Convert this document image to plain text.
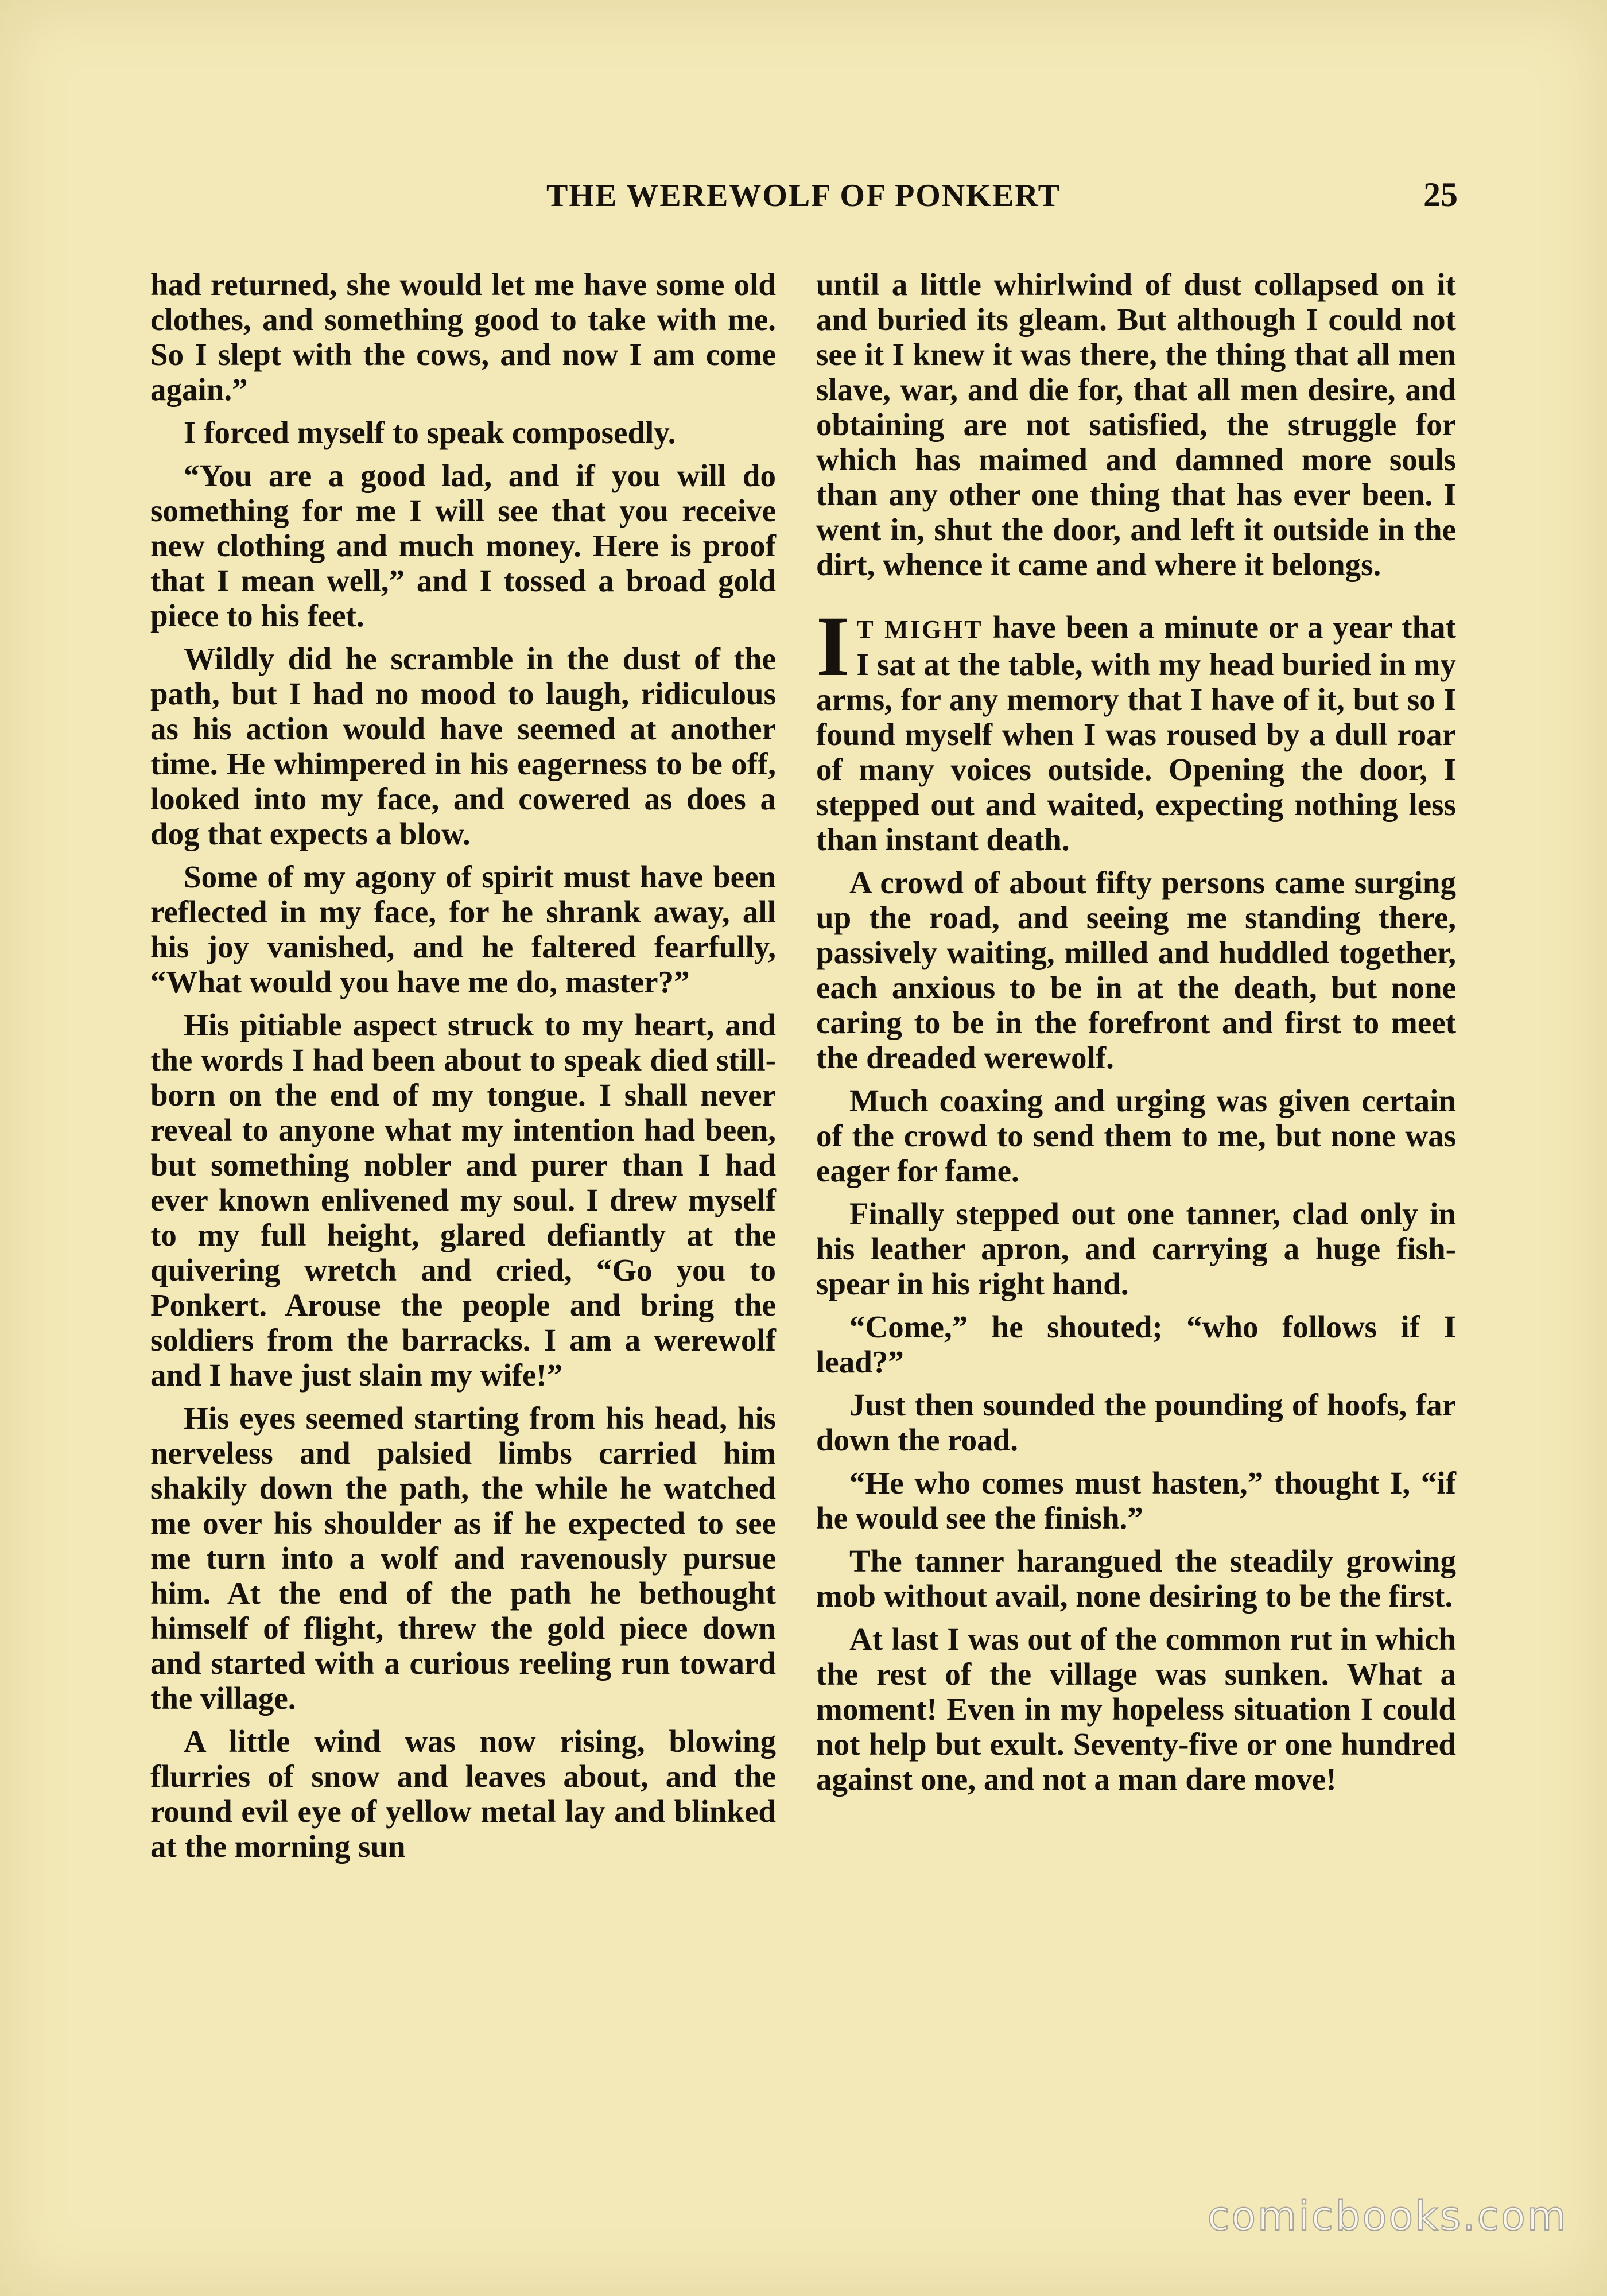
THE WEREWOLF OF PONKERT	25

had returned, she would let me have some old clothes, and something good to take with me. So I slept with the cows, and now I am come again.”

I forced myself to speak composedly.

“You are a good lad, and if you will do something for me I will see that you receive new clothing and much money. Here is proof that I mean well,” and I tossed a broad gold piece to his feet.

Wildly did he scramble in the dust of the path, but I had no mood to laugh, ridiculous as his action would have seemed at another time. He whimpered in his eagerness to be off, looked into my face, and cowered as does a dog that expects a blow.

Some of my agony of spirit must have been reflected in my face, for he shrank away, all his joy vanished, and he faltered fearfully, “What would you have me do, master?”

His pitiable aspect struck to my heart, and the words I had been about to speak died still-born on the end of my tongue. I shall never reveal to anyone what my intention had been, but something nobler and purer than I had ever known enlivened my soul. I drew myself to my full height, glared defiantly at the quivering wretch and cried, “Go you to Ponkert. Arouse the people and bring the soldiers from the barracks. I am a werewolf and I have just slain my wife!”

His eyes seemed starting from his head, his nerveless and palsied limbs carried him shakily down the path, the while he watched me over his shoulder as if he expected to see me turn into a wolf and ravenously pursue him. At the end of the path he bethought himself of flight, threw the gold piece down and started with a curious reeling run toward the village.

A little wind was now rising, blowing flurries of snow and leaves about, and the round evil eye of yellow metal lay and blinked at the morning sun

until a little whirlwind of dust collapsed on it and buried its gleam. But although I could not see it I knew it was there, the thing that all men slave, war, and die for, that all men desire, and obtaining are not satisfied, the struggle for which has maimed and damned more souls than any other one thing that has ever been. I went in, shut the door, and left it outside in the dirt, whence it came and where it belongs.

I T MIGHT have been a minute or a year that I sat at the table, with my head buried in my arms, for any memory that I have of it, but so I found myself when I was roused by a dull roar of many voices outside. Opening the door, I stepped out and waited, expecting nothing less than instant death.

A crowd of about fifty persons came surging up the road, and seeing me standing there, passively waiting, milled and huddled together, each anxious to be in at the death, but none caring to be in the forefront and first to meet the dreaded werewolf.

Much coaxing and urging was given certain of the crowd to send them to me, but none was eager for fame.

Finally stepped out one tanner, clad only in his leather apron, and carrying a huge fish-spear in his right hand.

“Come,” he shouted; “who follows if I lead?”

Just then sounded the pounding of hoofs, far down the road.

“He who comes must hasten,” thought I, “if he would see the finish.”

The tanner harangued the steadily growing mob without avail, none desiring to be the first.

At last I was out of the common rut in which the rest of the village was sunken. What a moment! Even in my hopeless situation I could not help but exult. Seventy-five or one hundred against one, and not a man dare move!

comicbooks.com
